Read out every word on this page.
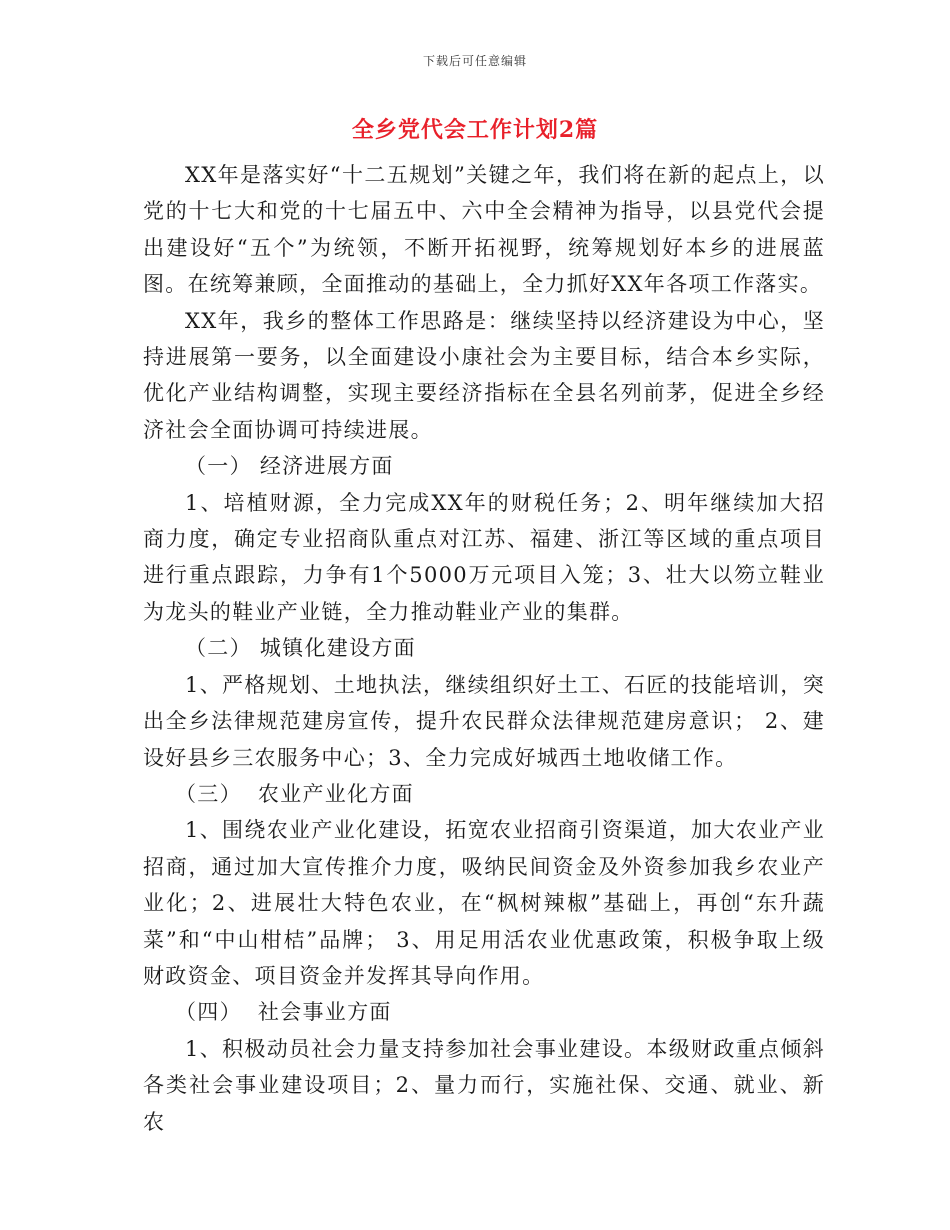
下载后可任意编辑
全乡党代会工作计划2篇

XX年是落实好“十二五规划”关键之年，我们将在新的起点上，以党的十七大和党的十七届五中、六中全会精神为指导，以县党代会提出建设好“五个”为统领，不断开拓视野，统筹规划好本乡的进展蓝图。在统筹兼顾，全面推动的基础上，全力抓好XX年各项工作落实。

XX年，我乡的整体工作思路是：继续坚持以经济建设为中心，坚持进展第一要务，以全面建设小康社会为主要目标，结合本乡实际，优化产业结构调整，实现主要经济指标在全县名列前茅，促进全乡经济社会全面协调可持续进展。

（一） 经济进展方面

1、培植财源，全力完成XX年的财税任务；2、明年继续加大招商力度，确定专业招商队重点对江苏、福建、浙江等区域的重点项目进行重点跟踪，力争有1个5000万元项目入笼；3、壮大以笏立鞋业为龙头的鞋业产业链，全力推动鞋业产业的集群。

（二） 城镇化建设方面

1、严格规划、土地执法，继续组织好土工、石匠的技能培训，突出全乡法律规范建房宣传，提升农民群众法律规范建房意识； 2、建设好县乡三农服务中心；3、全力完成好城西土地收储工作。

（三） 农业产业化方面

1、围绕农业产业化建设，拓宽农业招商引资渠道，加大农业产业招商，通过加大宣传推介力度，吸纳民间资金及外资参加我乡农业产业化；2、进展壮大特色农业，在“枫树辣椒”基础上，再创“东升蔬菜”和“中山柑桔”品牌； 3、用足用活农业优惠政策，积极争取上级财政资金、项目资金并发挥其导向作用。

（四） 社会事业方面

1、积极动员社会力量支持参加社会事业建设。本级财政重点倾斜各类社会事业建设项目；2、量力而行，实施社保、交通、就业、新农
